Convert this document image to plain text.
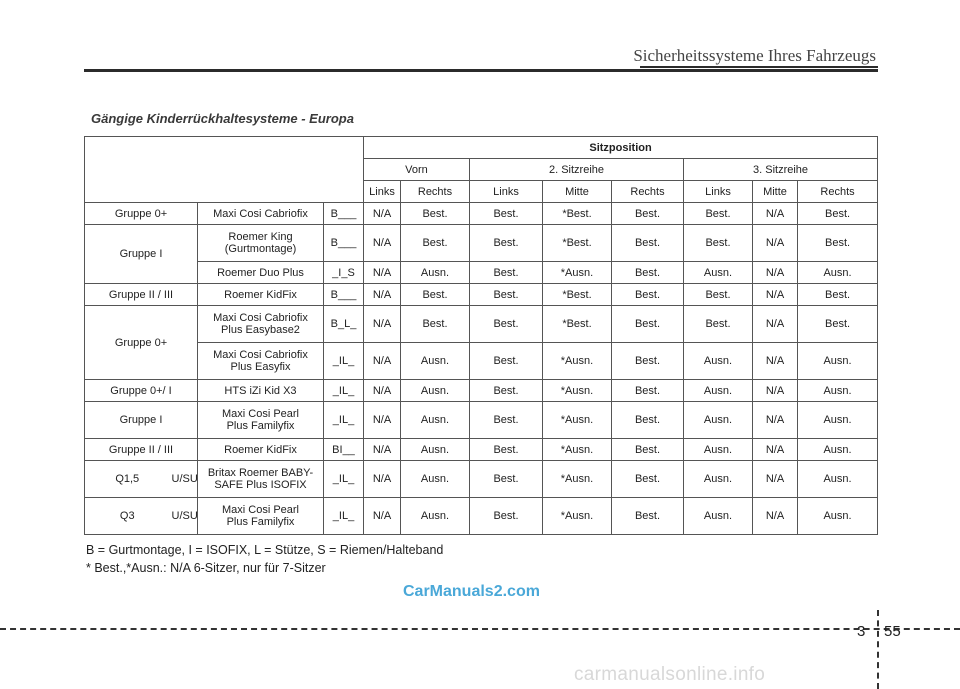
Sicherheitssysteme Ihres Fahrzeugs
Gängige Kinderrückhaltesysteme - Europa
				Sitzposition							
				Vorn		2. Sitzreihe			3. Sitzreihe		
				Links	Rechts	Links	Mitte	Rechts	Links	Mitte	Rechts
Gruppe 0+		Maxi Cosi Cabriofix	B___	N/A	Best.	Best.	*Best.	Best.	Best.	N/A	Best.
Gruppe I		Roemer King
(Gurtmontage)	B___	N/A	Best.	Best.	*Best.	Best.	Best.	N/A	Best.
		Roemer Duo Plus	_I_S	N/A	Ausn.	Best.	*Ausn.	Best.	Ausn.	N/A	Ausn.
Gruppe II / III		Roemer KidFix	B___	N/A	Best.	Best.	*Best.	Best.	Best.	N/A	Best.
Gruppe 0+		Maxi Cosi Cabriofix
Plus Easybase2	B_L_	N/A	Best.	Best.	*Best.	Best.	Best.	N/A	Best.
		Maxi Cosi Cabriofix
Plus Easyfix	_IL_	N/A	Ausn.	Best.	*Ausn.	Best.	Ausn.	N/A	Ausn.
Gruppe 0+/ I		HTS iZi Kid X3	_IL_	N/A	Ausn.	Best.	*Ausn.	Best.	Ausn.	N/A	Ausn.
Gruppe I		Maxi Cosi Pearl
Plus Familyfix	_IL_	N/A	Ausn.	Best.	*Ausn.	Best.	Ausn.	N/A	Ausn.
Gruppe II / III		Roemer KidFix	BI__	N/A	Ausn.	Best.	*Ausn.	Best.	Ausn.	N/A	Ausn.
Q1,5	U/SU	Britax Roemer BABY-
SAFE Plus ISOFIX	_IL_	N/A	Ausn.	Best.	*Ausn.	Best.	Ausn.	N/A	Ausn.
Q3	U/SU	Maxi Cosi Pearl
Plus Familyfix	_IL_	N/A	Ausn.	Best.	*Ausn.	Best.	Ausn.	N/A	Ausn.
B = Gurtmontage, I = ISOFIX, L = Stütze, S = Riemen/Halteband
* Best.,*Ausn.: N/A 6-Sitzer, nur für 7-Sitzer
CarManuals2.com
3 55
carmanualsonline.info
